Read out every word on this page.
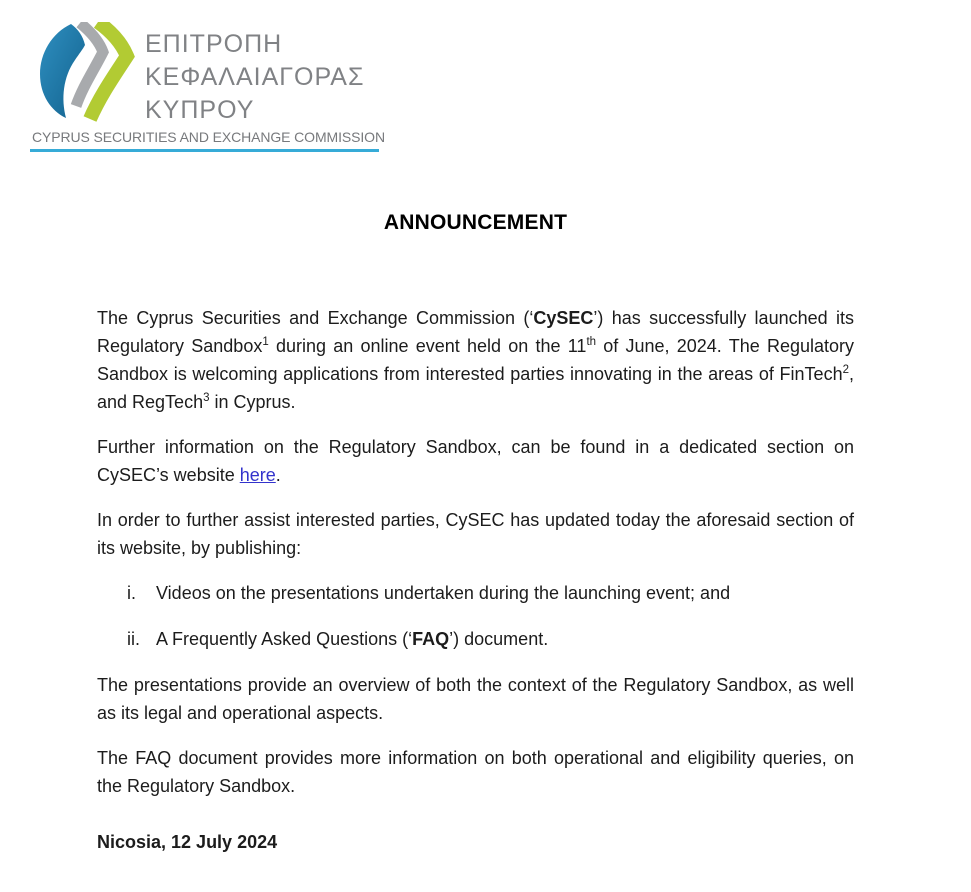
ΕΠΙΤΡΟΠΗ
ΚΕΦΑΛΑΙΑΓΟΡΑΣ
ΚΥΠΡΟΥ
CYPRUS SECURITIES AND EXCHANGE COMMISSION
ANNOUNCEMENT

The Cyprus Securities and Exchange Commission (‘CySEC’) has successfully launched its Regulatory Sandbox$^1$ during an online event held on the 11th of June, 2024. The Regulatory Sandbox is welcoming applications from interested parties innovating in the areas of FinTech$^2$, and RegTech$^3$ in Cyprus.

Further information on the Regulatory Sandbox, can be found in a dedicated section on CySEC’s website here.

In order to further assist interested parties, CySEC has updated today the aforesaid section of its website, by publishing:

i.	Videos on the presentations undertaken during the launching event; and
ii. A Frequently Asked Questions (‘FAQ’) document.

The presentations provide an overview of both the context of the Regulatory Sandbox, as well as its legal and operational aspects.

The FAQ document provides more information on both operational and eligibility queries, on the Regulatory Sandbox.

Nicosia, 12 July 2024
